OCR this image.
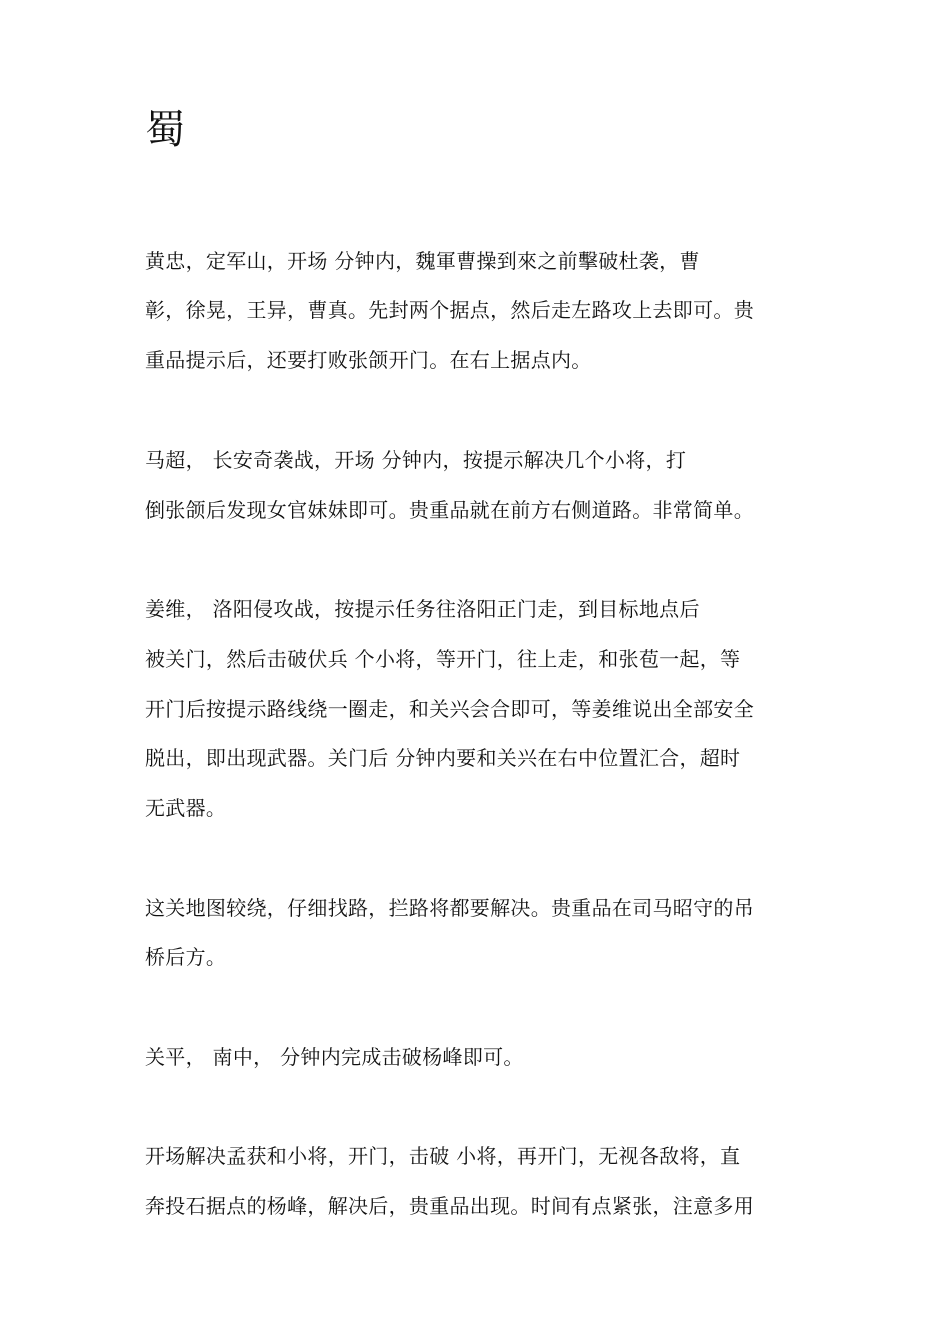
蜀
黄忠，定军山，开场 分钟内，魏軍曹操到來之前擊破杜袭，曹
彰，徐晃，王异，曹真。先封两个据点，然后走左路攻上去即可。贵
重品提示后，还要打败张颌开门。在右上据点内。
马超， 长安奇袭战，开场 分钟内，按提示解决几个小将，打
倒张颌后发现女官妹妹即可。贵重品就在前方右侧道路。非常简单。
姜维， 洛阳侵攻战，按提示任务往洛阳正门走，到目标地点后
被关门，然后击破伏兵 个小将，等开门，往上走，和张苞一起，等
开门后按提示路线绕一圈走，和关兴会合即可，等姜维说出全部安全
脱出，即出现武器。关门后 分钟内要和关兴在右中位置汇合，超时
无武器。
这关地图较绕，仔细找路，拦路将都要解决。贵重品在司马昭守的吊
桥后方。
关平， 南中， 分钟内完成击破杨峰即可。
开场解决孟获和小将，开门，击破 小将，再开门，无视各敌将，直
奔投石据点的杨峰，解决后，贵重品出现。时间有点紧张，注意多用
